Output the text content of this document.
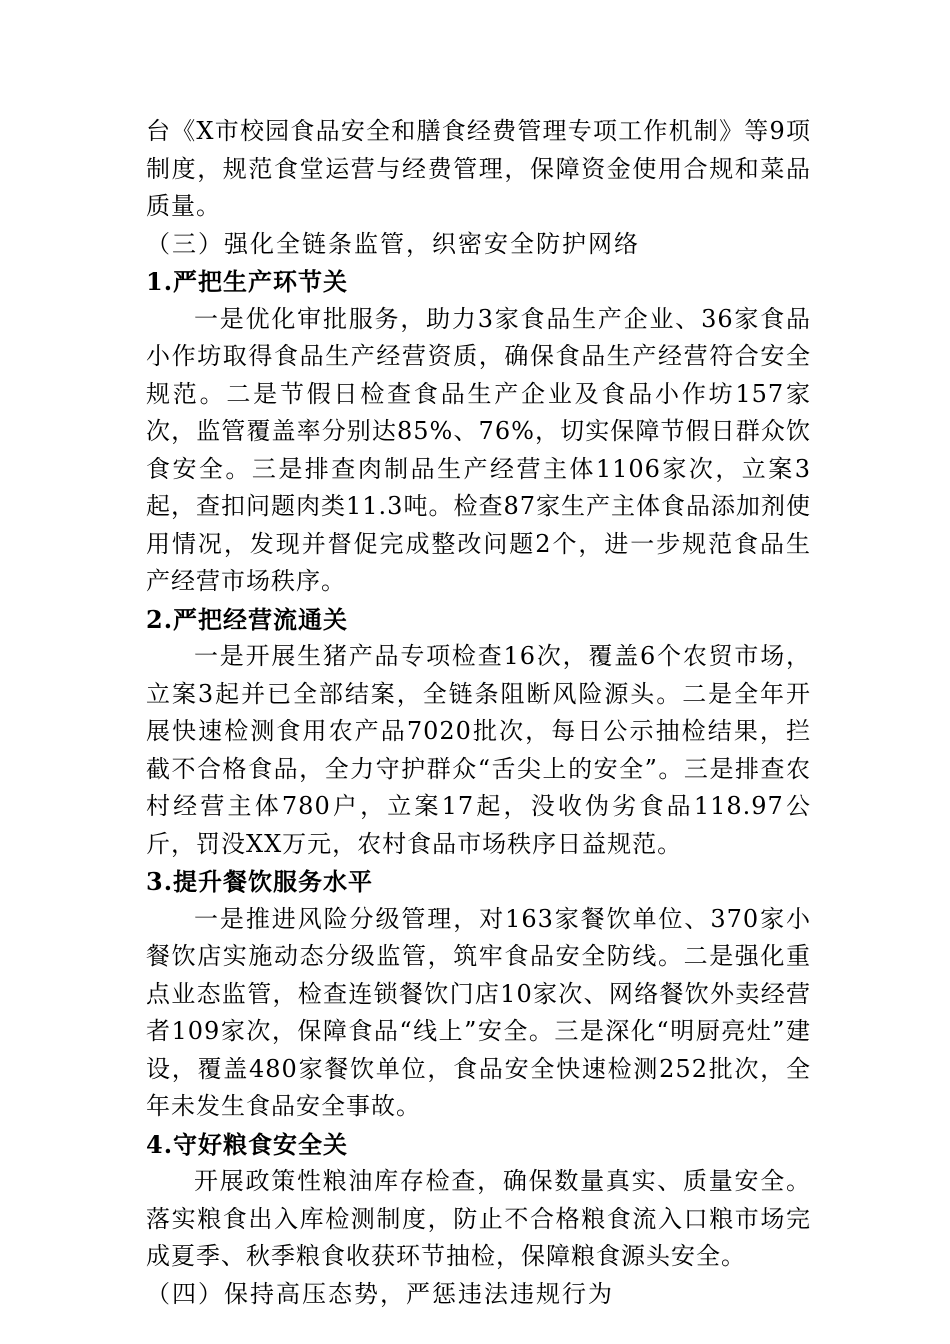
台《X市校园食品安全和膳食经费管理专项工作机制》等9项制度，规范食堂运营与经费管理，保障资金使用合规和菜品质量。

（三）强化全链条监管，织密安全防护网络

1.严把生产环节关

一是优化审批服务，助力3家食品生产企业、36家食品小作坊取得食品生产经营资质，确保食品生产经营符合安全规范。二是节假日检查食品生产企业及食品小作坊157家次，监管覆盖率分别达85%、76%，切实保障节假日群众饮食安全。三是排查肉制品生产经营主体1106家次，立案3起，查扣问题肉类11.3吨。检查87家生产主体食品添加剂使用情况，发现并督促完成整改问题2个，进一步规范食品生产经营市场秩序。

2.严把经营流通关

一是开展生猪产品专项检查16次，覆盖6个农贸市场，立案3起并已全部结案，全链条阻断风险源头。二是全年开展快速检测食用农产品7020批次，每日公示抽检结果，拦截不合格食品，全力守护群众“舌尖上的安全”。三是排查农村经营主体780户，立案17起，没收伪劣食品118.97公斤，罚没XX万元，农村食品市场秩序日益规范。

3.提升餐饮服务水平

一是推进风险分级管理，对163家餐饮单位、370家小餐饮店实施动态分级监管，筑牢食品安全防线。二是强化重点业态监管，检查连锁餐饮门店10家次、网络餐饮外卖经营者109家次，保障食品“线上”安全。三是深化“明厨亮灶”建设，覆盖480家餐饮单位，食品安全快速检测252批次，全年未发生食品安全事故。

4.守好粮食安全关

开展政策性粮油库存检查，确保数量真实、质量安全。落实粮食出入库检测制度，防止不合格粮食流入口粮市场完成夏季、秋季粮食收获环节抽检，保障粮食源头安全。

（四）保持高压态势，严惩违法违规行为
